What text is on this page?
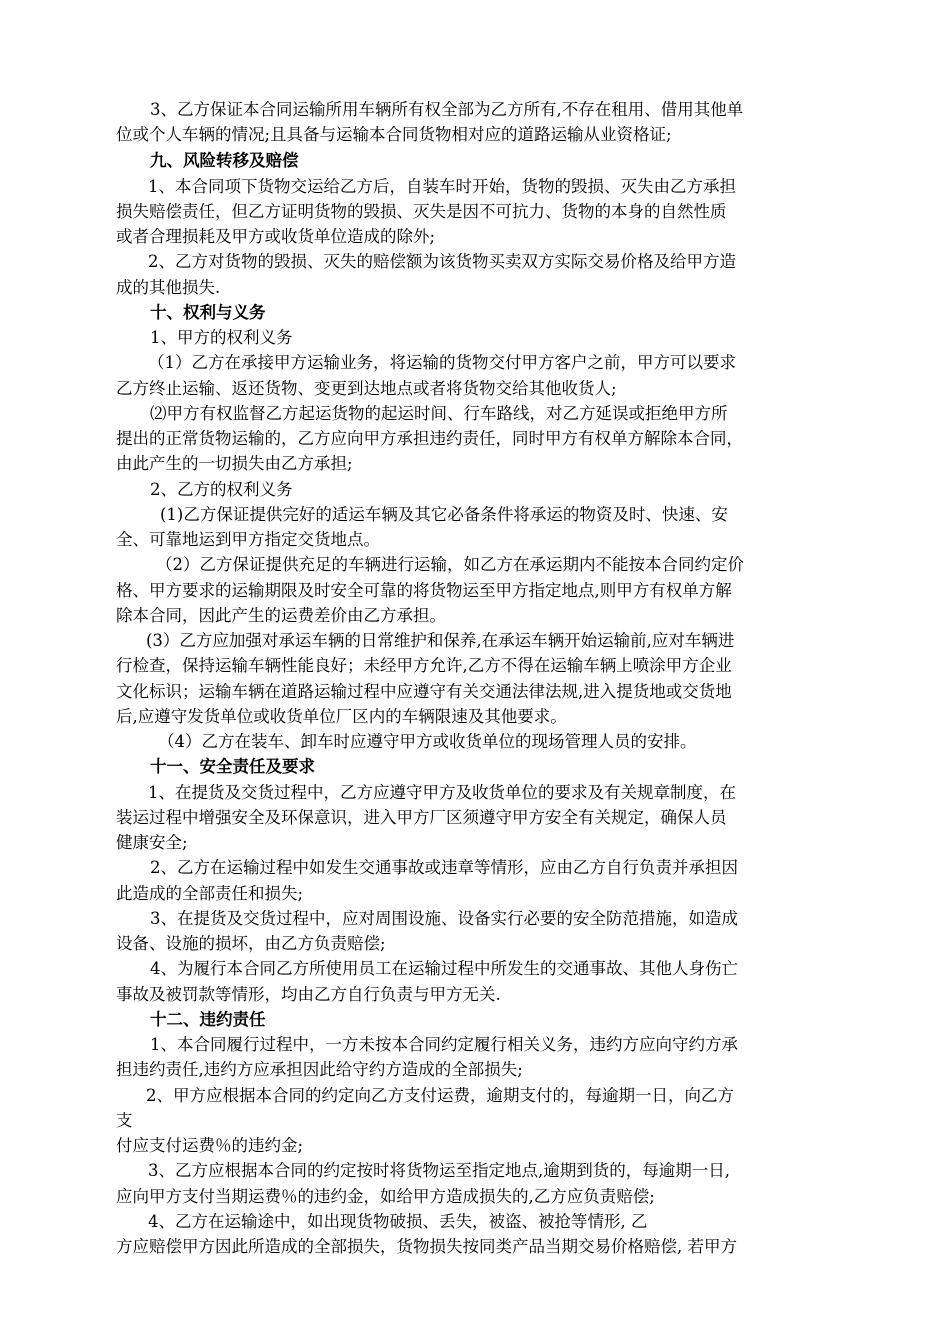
3、乙方保证本合同运输所用车辆所有权全部为乙方所有,不存在租用、借用其他单
位或个人车辆的情况;且具备与运输本合同货物相对应的道路运输从业资格证;
九、风险转移及赔偿
1、本合同项下货物交运给乙方后，自装车时开始，货物的毁损、灭失由乙方承担
损失赔偿责任，但乙方证明货物的毁损、灭失是因不可抗力、货物的本身的自然性质
或者合理损耗及甲方或收货单位造成的除外;
2、乙方对货物的毁损、灭失的赔偿额为该货物买卖双方实际交易价格及给甲方造
成的其他损失.
十、权利与义务
1、甲方的权利义务
（1）乙方在承接甲方运输业务，将运输的货物交付甲方客户之前，甲方可以要求
乙方终止运输、返还货物、变更到达地点或者将货物交给其他收货人;
⑵甲方有权监督乙方起运货物的起运时间、行车路线，对乙方延误或拒绝甲方所
提出的正常货物运输的，乙方应向甲方承担违约责任，同时甲方有权单方解除本合同，
由此产生的一切损失由乙方承担;
2、乙方的权利义务
(1)乙方保证提供完好的适运车辆及其它必备条件将承运的物资及时、快速、安
全、可靠地运到甲方指定交货地点。
（2）乙方保证提供充足的车辆进行运输，如乙方在承运期内不能按本合同约定价
格、甲方要求的运输期限及时安全可靠的将货物运至甲方指定地点,则甲方有权单方解
除本合同，因此产生的运费差价由乙方承担。
(3）乙方应加强对承运车辆的日常维护和保养,在承运车辆开始运输前,应对车辆进
行检查，保持运输车辆性能良好；未经甲方允许,乙方不得在运输车辆上喷涂甲方企业
文化标识；运输车辆在道路运输过程中应遵守有关交通法律法规,进入提货地或交货地
后,应遵守发货单位或收货单位厂区内的车辆限速及其他要求。
（4）乙方在装车、卸车时应遵守甲方或收货单位的现场管理人员的安排。
十一、安全责任及要求
1、在提货及交货过程中，乙方应遵守甲方及收货单位的要求及有关规章制度，在
装运过程中增强安全及环保意识，进入甲方厂区须遵守甲方安全有关规定，确保人员
健康安全;
2、乙方在运输过程中如发生交通事故或违章等情形，应由乙方自行负责并承担因
此造成的全部责任和损失;
3、在提货及交货过程中，应对周围设施、设备实行必要的安全防范措施，如造成
设备、设施的损坏，由乙方负责赔偿;
4、为履行本合同乙方所使用员工在运输过程中所发生的交通事故、其他人身伤亡
事故及被罚款等情形，均由乙方自行负责与甲方无关.
十二、违约责任
1、本合同履行过程中，一方未按本合同约定履行相关义务，违约方应向守约方承
担违约责任,违约方应承担因此给守约方造成的全部损失;
2、甲方应根据本合同的约定向乙方支付运费，逾期支付的，每逾期一日，向乙方
支
付应支付运费％的违约金;
3、乙方应根据本合同的约定按时将货物运至指定地点,逾期到货的，每逾期一日,
应向甲方支付当期运费％的违约金，如给甲方造成损失的,乙方应负责赔偿;
4、乙方在运输途中，如出现货物破损、丢失，被盗、被抢等情形, 乙
方应赔偿甲方因此所造成的全部损失，货物损失按同类产品当期交易价格赔偿, 若甲方
